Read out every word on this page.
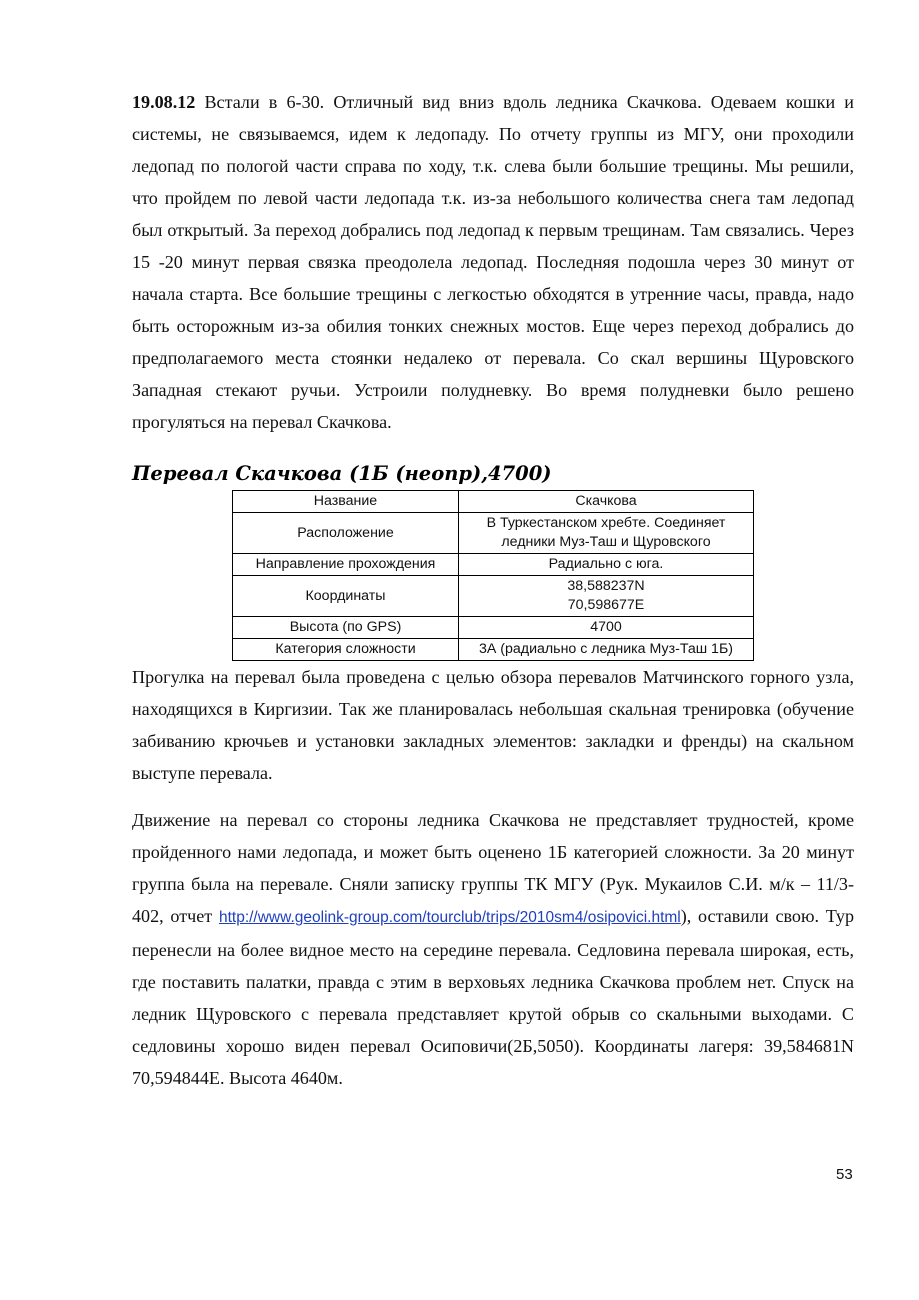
19.08.12 Встали в 6-30. Отличный вид вниз вдоль ледника Скачкова. Одеваем кошки и системы, не связываемся, идем к ледопаду. По отчету группы из МГУ, они проходили ледопад по пологой части справа по ходу, т.к. слева были большие трещины. Мы решили, что пройдем по левой части ледопада т.к. из-за небольшого количества снега там ледопад был открытый. За переход добрались под ледопад к первым трещинам. Там связались. Через 15 -20 минут первая связка преодолела ледопад. Последняя подошла через 30 минут от начала старта. Все большие трещины с легкостью обходятся в утренние часы, правда, надо быть осторожным из-за обилия тонких снежных мостов. Еще через переход добрались до предполагаемого места стоянки недалеко от перевала. Со скал вершины Щуровского Западная стекают ручьи. Устроили полудневку. Во время полудневки было решено прогуляться на перевал Скачкова.

Перевал Скачкова (1Б (неопр),4700)
Название	Скачкова
Расположение	В Туркестанском хребте. Соединяет
ледники Муз-Таш и Щуровского
Направление прохождения	Радиально с юга.
Координаты	38,588237N
70,598677E
Высота (по GPS)	4700
Категория сложности	3А (радиально с ледника Муз-Таш 1Б)

Прогулка на перевал была проведена с целью обзора перевалов Матчинского горного узла, находящихся в Киргизии. Так же планировалась небольшая скальная тренировка (обучение забиванию крючьев и установки закладных элементов: закладки и френды) на скальном выступе перевала.

Движение на перевал со стороны ледника Скачкова не представляет трудностей, кроме пройденного нами ледопада, и может быть оценено 1Б категорией сложности. За 20 минут группа была на перевале. Сняли записку группы ТК МГУ (Рук. Мукаилов С.И. м/к – 11/3-402, отчет http://www.geolink-group.com/tourclub/trips/2010sm4/osipovici.html), оставили свою. Тур перенесли на более видное место на середине перевала. Седловина перевала широкая, есть, где поставить палатки, правда с этим в верховьях ледника Скачкова проблем нет. Спуск на ледник Щуровского с перевала представляет крутой обрыв со скальными выходами. С седловины хорошо виден перевал Осиповичи(2Б,5050). Координаты лагеря: 39,584681N 70,594844E. Высота 4640м.

53
